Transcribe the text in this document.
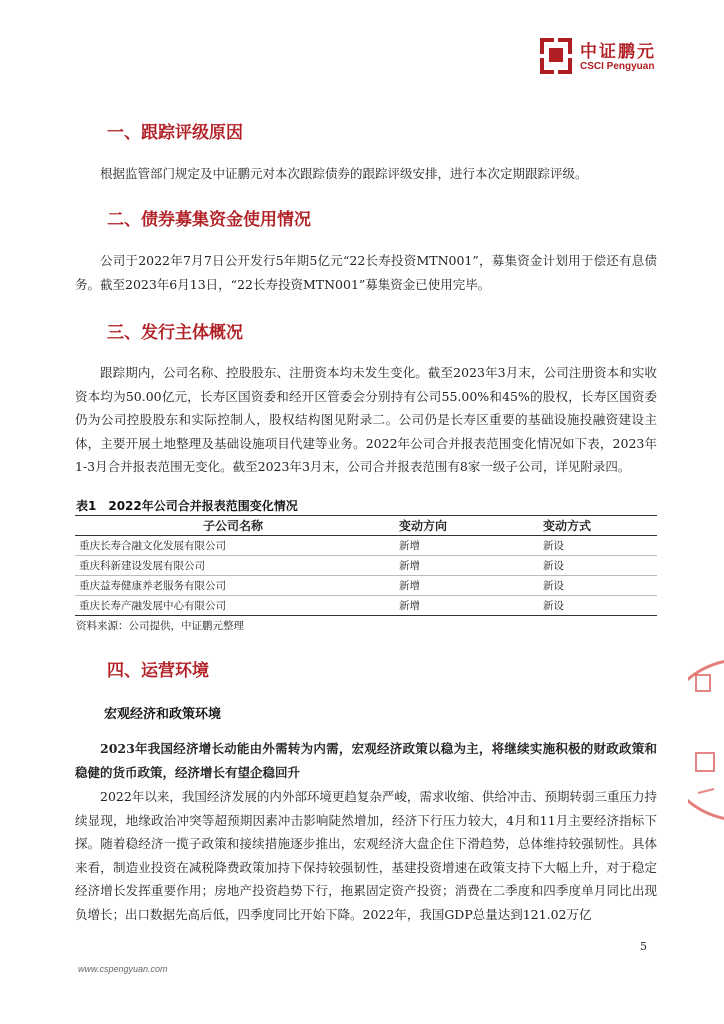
中证鹏元
CSCI Pengyuan
一、跟踪评级原因

根据监管部门规定及中证鹏元对本次跟踪债券的跟踪评级安排，进行本次定期跟踪评级。

二、债券募集资金使用情况

公司于2022年7月7日公开发行5年期5亿元“22长寿投资MTN001”，募集资金计划用于偿还有息债务。截至2023年6月13日，“22长寿投资MTN001”募集资金已使用完毕。

三、发行主体概况

跟踪期内，公司名称、控股股东、注册资本均未发生变化。截至2023年3月末，公司注册资本和实收资本均为50.00亿元，长寿区国资委和经开区管委会分别持有公司55.00%和45%的股权，长寿区国资委仍为公司控股股东和实际控制人，股权结构图见附录二。公司仍是长寿区重要的基础设施投融资建设主体，主要开展土地整理及基础设施项目代建等业务。2022年公司合并报表范围变化情况如下表，2023年1-3月合并报表范围无变化。截至2023年3月末，公司合并报表范围有8家一级子公司，详见附录四。

表1　2022年公司合并报表范围变化情况
子公司名称	变动方向	变动方式
重庆长寿合融文化发展有限公司	新增	新设
重庆科新建设发展有限公司	新增	新设
重庆益寿健康养老服务有限公司	新增	新设
重庆长寿产融发展中心有限公司	新增	新设
资料来源：公司提供，中证鹏元整理
四、运营环境
宏观经济和政策环境

2023年我国经济增长动能由外需转为内需，宏观经济政策以稳为主，将继续实施积极的财政政策和稳健的货币政策，经济增长有望企稳回升

2022年以来，我国经济发展的内外部环境更趋复杂严峻，需求收缩、供给冲击、预期转弱三重压力持续显现，地缘政治冲突等超预期因素冲击影响陡然增加，经济下行压力较大，4月和11月主要经济指标下探。随着稳经济一揽子政策和接续措施逐步推出，宏观经济大盘企住下滑趋势，总体维持较强韧性。具体来看，制造业投资在减税降费政策加持下保持较强韧性，基建投资增速在政策支持下大幅上升，对于稳定经济增长发挥重要作用；房地产投资趋势下行，拖累固定资产投资；消费在二季度和四季度单月同比出现负增长；出口数据先高后低，四季度同比开始下降。2022年，我国GDP总量达到121.02万亿

5
www.cspengyuan.com
